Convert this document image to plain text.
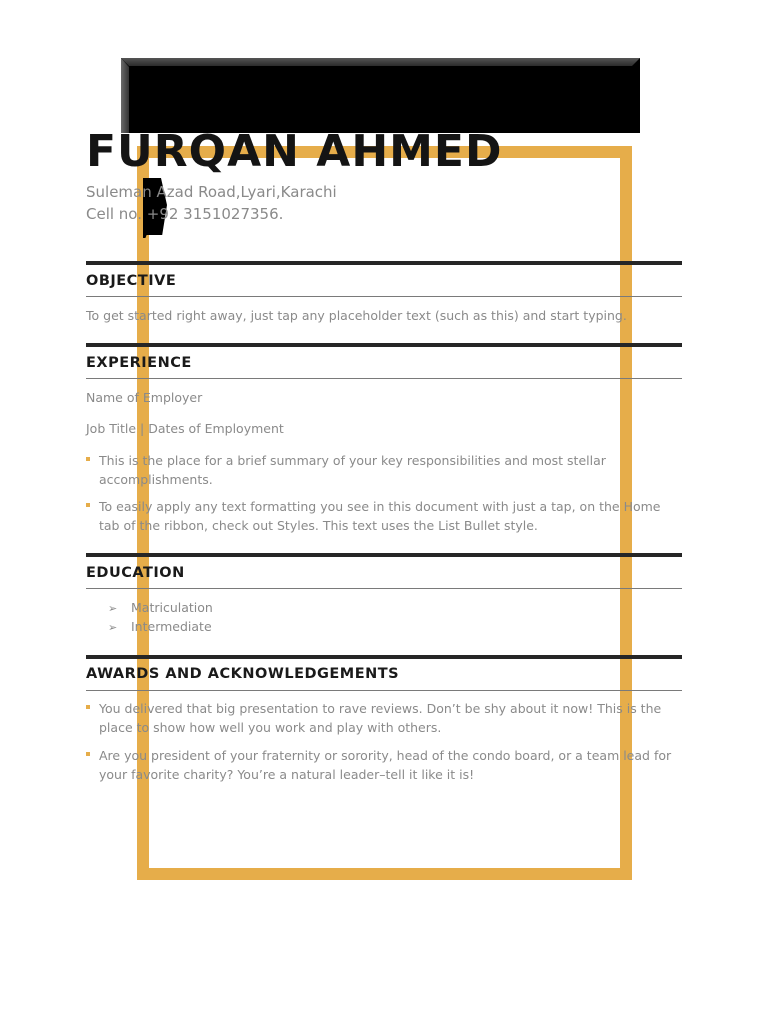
FURQAN AHMED
Suleman Azad Road,Lyari,Karachi
Cell no. +92 3151027356.
OBJECTIVE
To get started right away, just tap any placeholder text (such as this) and start typing.
EXPERIENCE
Name of Employer
Job Title | Dates of Employment
This is the place for a brief summary of your key responsibilities and most stellar accomplishments.
To easily apply any text formatting you see in this document with just a tap, on the Home tab of the ribbon, check out Styles. This text uses the List Bullet style.
EDUCATION
➢ Matriculation
➢ Intermediate
AWARDS AND ACKNOWLEDGEMENTS
You delivered that big presentation to rave reviews. Don’t be shy about it now! This is the place to show how well you work and play with others.
Are you president of your fraternity or sorority, head of the condo board, or a team lead for your favorite charity? You’re a natural leader–tell it like it is!
